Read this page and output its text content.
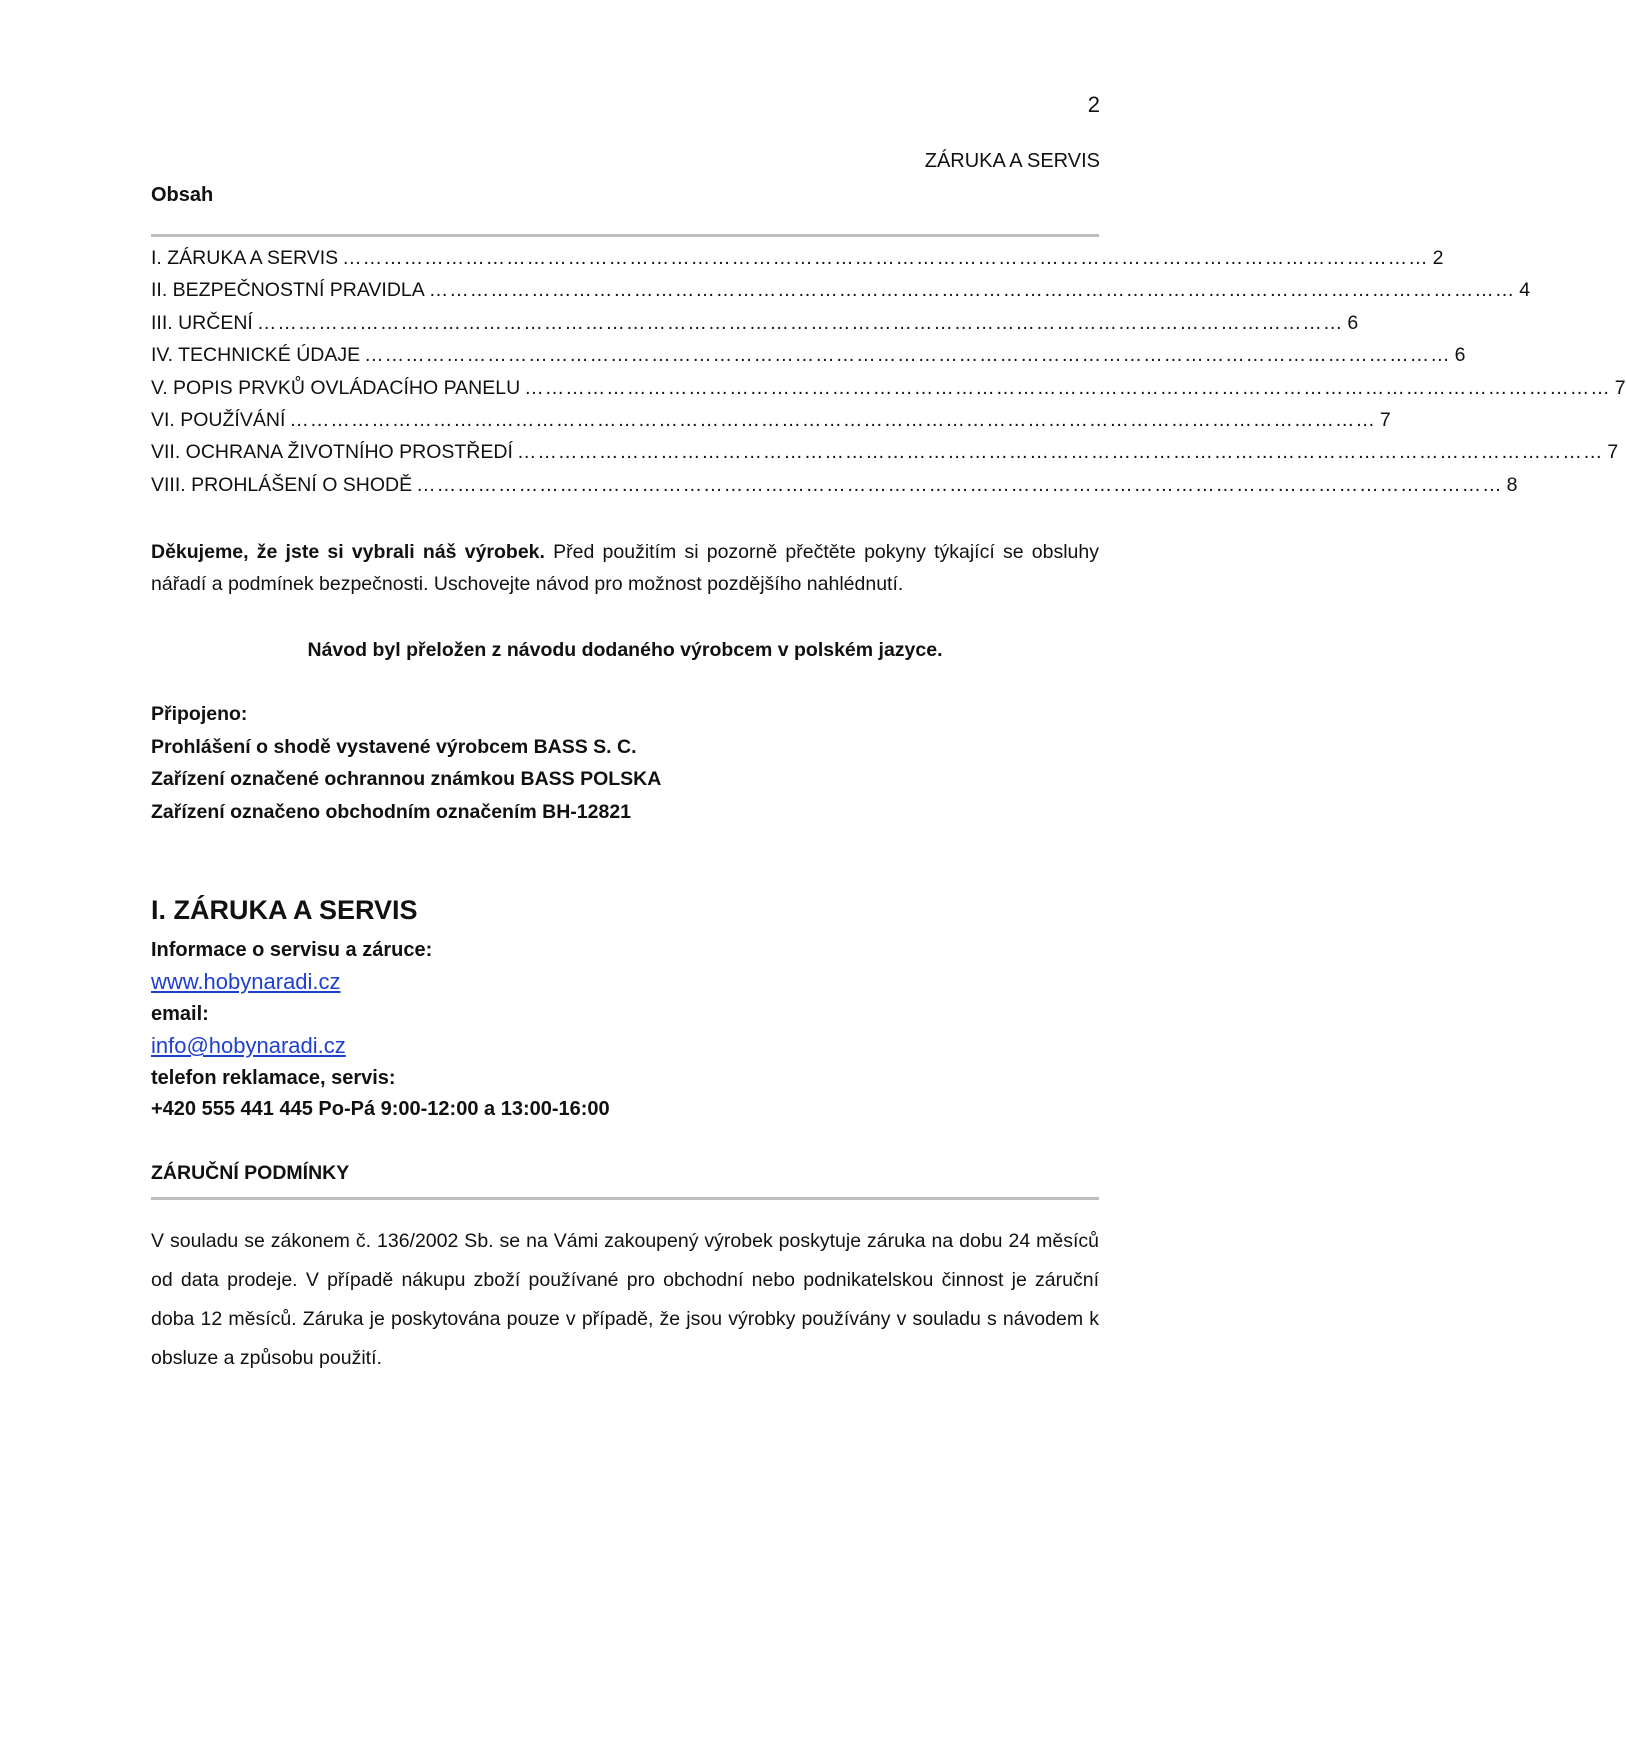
2
ZÁRUKA A SERVIS
Obsah
I. ZÁRUKA A SERVIS …………………………………………………………………………………………………………………………………………… 2
II. BEZPEČNOSTNÍ PRAVIDLA …………………………………………………………………………………………………………………………………………… 4
III. URČENÍ …………………………………………………………………………………………………………………………………………… 6
IV. TECHNICKÉ ÚDAJE …………………………………………………………………………………………………………………………………………… 6
V. POPIS PRVKŮ OVLÁDACÍHO PANELU …………………………………………………………………………………………………………………………………………… 7
VI. POUŽÍVÁNÍ …………………………………………………………………………………………………………………………………………… 7
VII. OCHRANA ŽIVOTNÍHO PROSTŘEDÍ …………………………………………………………………………………………………………………………………………… 7
VIII. PROHLÁŠENÍ O SHODĚ …………………………………………………………………………………………………………………………………………… 8
Děkujeme, že jste si vybrali náš výrobek. Před použitím si pozorně přečtěte pokyny týkající se obsluhy nářadí a podmínek bezpečnosti. Uschovejte návod pro možnost pozdějšího nahlédnutí.
Návod byl přeložen z návodu dodaného výrobcem v polském jazyce.
Připojeno:
Prohlášení o shodě vystavené výrobcem BASS S. C.
Zařízení označené ochrannou známkou BASS POLSKA
Zařízení označeno obchodním označením BH-12821
I. ZÁRUKA A SERVIS
Informace o servisu a záruce:
www.hobynaradi.cz
email:
info@hobynaradi.cz
telefon reklamace, servis:
+420 555 441 445 Po-Pá 9:00-12:00 a 13:00-16:00
ZÁRUČNÍ PODMÍNKY
V souladu se zákonem č. 136/2002 Sb. se na Vámi zakoupený výrobek poskytuje záruka na dobu 24 měsíců od data prodeje. V případě nákupu zboží používané pro obchodní nebo podnikatelskou činnost je záruční doba 12 měsíců. Záruka je poskytována pouze v případě, že jsou výrobky používány v souladu s návodem k obsluze a způsobu použití.
